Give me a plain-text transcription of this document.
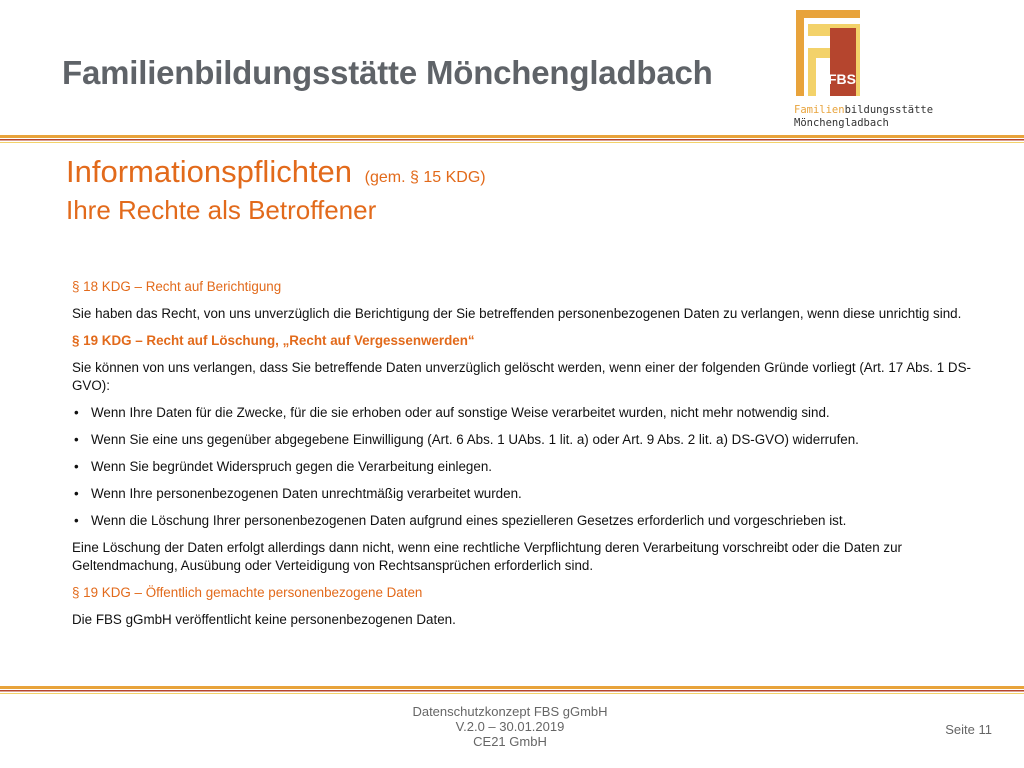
Familienbildungsstätte Mönchengladbach	FBS
Familienbildungsstätte
Mönchengladbach
Informationspflichten (gem. § 15 KDG)
Ihre Rechte als Betroffener

§ 18 KDG – Recht auf Berichtigung

Sie haben das Recht, von uns unverzüglich die Berichtigung der Sie betreffenden personenbezogenen Daten zu verlangen, wenn diese unrichtig sind.

§ 19 KDG – Recht auf Löschung, „Recht auf Vergessenwerden“

Sie können von uns verlangen, dass Sie betreffende Daten unverzüglich gelöscht werden, wenn einer der folgenden Gründe vorliegt (Art. 17 Abs. 1 DS-GVO):

• Wenn Ihre Daten für die Zwecke, für die sie erhoben oder auf sonstige Weise verarbeitet wurden, nicht mehr notwendig sind.
• Wenn Sie eine uns gegenüber abgegebene Einwilligung (Art. 6 Abs. 1 UAbs. 1 lit. a) oder Art. 9 Abs. 2 lit. a) DS-GVO) widerrufen.
• Wenn Sie begründet Widerspruch gegen die Verarbeitung einlegen.
• Wenn Ihre personenbezogenen Daten unrechtmäßig verarbeitet wurden.
• Wenn die Löschung Ihrer personenbezogenen Daten aufgrund eines spezielleren Gesetzes erforderlich und vorgeschrieben ist.

Eine Löschung der Daten erfolgt allerdings dann nicht, wenn eine rechtliche Verpflichtung deren Verarbeitung vorschreibt oder die Daten zur Geltendmachung, Ausübung oder Verteidigung von Rechtsansprüchen erforderlich sind.

§ 19 KDG – Öffentlich gemachte personenbezogene Daten

Die FBS gGmbH veröffentlicht keine personenbezogenen Daten.

Datenschutzkonzept FBS gGmbH
V.2.0 – 30.01.2019
CE21 GmbH
Seite 11
